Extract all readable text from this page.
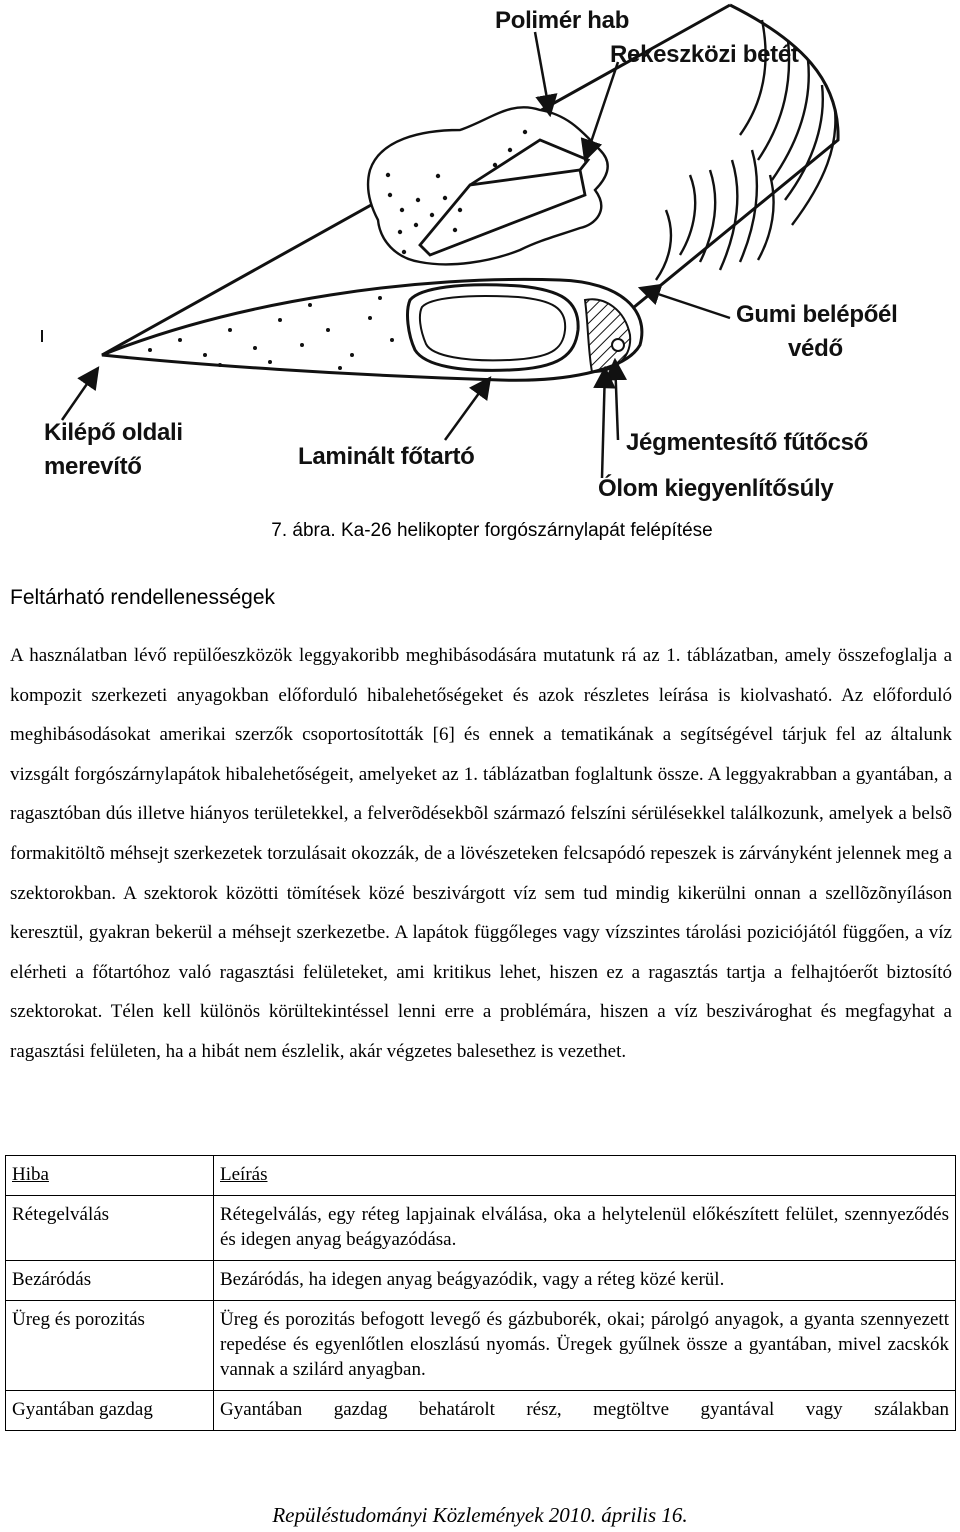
Polimér hab
Rekeszközi betét
Gumi belépőél
védő
Kilépő oldali
merevítő	Laminált főtartó
Jégmentesítő fűtőcső
Ólom kiegyenlítősúly
7. ábra. Ka-26 helikopter forgószárnylapát felépítése
Feltárható rendellenességek

A használatban lévő repülőeszközök leggyakoribb meghibásodására mutatunk rá az 1. táblázatban, amely összefoglalja a kompozit szerkezeti anyagokban előforduló hibalehetőségeket és azok részletes leírása is kiolvasható. Az előforduló meghibásodásokat amerikai szerzők csoportosították [6] és ennek a tematikának a segítségével tárjuk fel az általunk vizsgált forgószárnylapátok hibalehetőségeit, amelyeket az 1. táblázatban foglaltunk össze. A leggyakrabban a gyantában, a ragasztóban dús illetve hiányos területekkel, a felverõdésekbõl származó felszíni sérülésekkel találkozunk, amelyek a belsõ formakitöltõ méhsejt szerkezetek torzulásait okozzák, de a lövészeteken felcsapódó repeszek is zárványként jelennek meg a szektorokban. A szektorok közötti tömítések közé beszivárgott víz sem tud mindig kikerülni onnan a szellõzõnyíláson keresztül, gyakran bekerül a méhsejt szerkezetbe. A lapátok függőleges vagy vízszintes tárolási poziciójától függően, a víz elérheti a főtartóhoz való ragasztási felületeket, ami kritikus lehet, hiszen ez a ragasztás tartja a felhajtóerőt biztosító szektorokat. Télen kell különös körültekintéssel lenni erre a problémára, hiszen a víz beszivároghat és megfagyhat a ragasztási felületen, ha a hibát nem észlelik, akár végzetes balesethez is vezethet.

Hiba	Leírás
Rétegelválás	Rétegelválás, egy réteg lapjainak elválása, oka a helytelenül előkészített felület, szennyeződés és idegen anyag beágyazódása.
Bezáródás	Bezáródás, ha idegen anyag beágyazódik, vagy a réteg közé kerül.
Üreg és porozitás	Üreg és porozitás befogott levegő és gázbuborék, okai; párolgó anyagok, a gyanta szennyezett repedése és egyenlőtlen eloszlású nyomás. Üregek gyűlnek össze a gyantában, mivel zacskók vannak a szilárd anyagban.
Gyantában gazdag	Gyantában gazdag behatárolt rész, megtöltve gyantával vagy szálakban
Repüléstudományi Közlemények 2010. április 16.
